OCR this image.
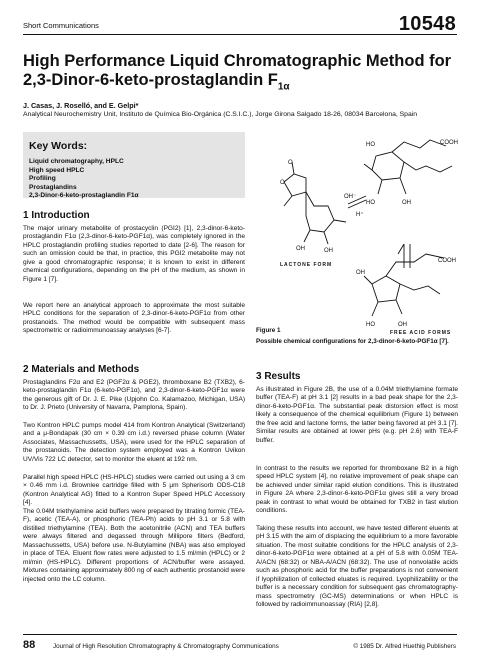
Short Communications	10548
High Performance Liquid Chromatographic Method for 2,3-Dinor-6-keto-prostaglandin $F_{1\alpha}$
J. Casas, J. Roselló, and E. Gelpi*
Analytical Neurochemistry Unit, Instituto de Química Bio-Orgánica (C.S.I.C.), Jorge Girona Salgado 18-26, 08034 Barcelona, Spain
Key Words:
Liquid chromatography, HPLC
High speed HPLC
Profiling
Prostaglandins
2,3-Dinor-6-keto-prostaglandin F1α
1 Introduction
The major urinary metabolite of prostacyclin (PGI2) [1], 2,3-dinor-6-keto-prostaglandin F1α (2,3-dinor-6-keto-PGF1α), was completely ignored in the HPLC prostaglandin profiling studies reported to date [2-6]. The reason for such an omission could be that, in practice, this PGI2 metabolite may not give a good chromatographic response; it is known to exist in different chemical configurations, depending on the pH of the medium, as shown in Figure 1 [7].
We report here an analytical approach to approximate the most suitable HPLC conditions for the separation of 2,3-dinor-6-keto-PGF1α from other prostanoids. The method would be compatible with subsequent mass spectrometric or radioimmunoassay analyses [6-7].
2 Materials and Methods
Prostaglandins F2α and E2 (PGF2α & PGE2), thromboxane B2 (TXB2), 6-keto-prostaglandin F1α (6-keto-PGF1α), and 2,3-dinor-6-keto-PGF1α were the generous gift of Dr. J. E. Pike (Upjohn Co. Kalamazoo, Michigan, USA) to Dr. J. Prieto (University of Navarra, Pamplona, Spain).
Two Kontron HPLC pumps model 414 from Kontron Analytical (Switzerland) and a μ-Bondapak (30 cm × 0.39 cm i.d.) reversed phase column (Water Associates, Massachussetts, USA), were used for the HPLC separation of the prostanoids. The detection system employed was a Kontron Uvikon UV/Vis 722 LC detector, set to monitor the eluent at 192 nm.
Parallel high speed HPLC (HS-HPLC) studies were carried out using a 3 cm × 0.46 mm i.d. Brownlee cartridge filled with 5 μm Spherisorb ODS-C18 (Kontron Analytical AG) fitted to a Kontron Super Speed HPLC Accessory [4].
The 0.04M triethylamine acid buffers were prepared by titrating formic (TEA-F), acetic (TEA-A), or phosphoric (TEA-Ph) acids to pH 3.1 or 5.8 with distilled triethylamine (TEA). Both the acetonitrile (ACN) and TEA buffers were always filtered and degassed through Millipore filters (Bedford, Massachussetts, USA) before use. N-Butylamine (NBA) was also employed in place of TEA. Eluent flow rates were adjusted to 1.5 ml/min (HPLC) or 2 ml/min (HS-HPLC). Different proportions of ACN/buffer were assayed. Mixtures containing approximately 800 ng of each authentic prostanoid were injected onto the LC column.
HO	COOH
HO	OH
O
O
OH⁻
H⁺
OH	OH
COOH
OH
HO	OH
LACTONE FORM
FREE ACID FORMS
Figure 1
Possible chemical configurations for 2,3-dinor-6-keto-PGF1α [7].
3 Results
As illustrated in Figure 2B, the use of a 0.04M triethylamine formate buffer (TEA-F) at pH 3.1 [2] results in a bad peak shape for the 2,3-dinor-6-keto-PGF1α. The substantial peak distorsion effect is most likely a consequence of the chemical equilibrium (Figure 1) between the free acid and lactone forms, the latter being favored at pH 3.1 [7]. Similar results are obtained at lower pHs (e.g. pH 2.6) with TEA-F buffer.
In contrast to the results we reported for thromboxane B2 in a high speed HPLC system [4], no relative improvement of peak shape can be achieved under similar rapid elution conditions. This is illustrated in Figure 2A where 2,3-dinor-6-keto-PGF1α gives still a very broad peak in contrast to what would be obtained for TXB2 in fast elution conditions.
Taking these results into account, we have tested different eluents at pH 3.15 with the aim of displacing the equilibrium to a more favorable situation. The most suitable conditions for the HPLC analysis of 2,3-dinor-6-keto-PGF1α were obtained at a pH of 5.8 with 0.05M TEA-A/ACN (68:32) or NBA-A/ACN (68:32). The use of nonvolatile acids such as phosphoric acid for the buffer preparations is not convenient if lyophilization of collected eluates is required. Lyophilizability or the buffer is a necessary condition for subsequent gas chromatography-mass spectrometry (GC-MS) determinations or when HPLC is followed by radioimmunoassay (RIA) [2,8].
88	Journal of High Resolution Chromatography & Chromatography Communications	© 1985 Dr. Alfred Huethig Publishers
